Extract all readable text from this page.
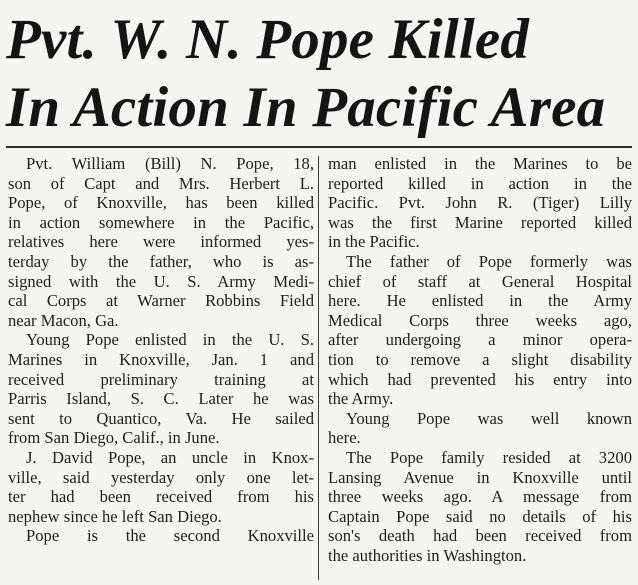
Pvt. W. N. Pope Killed
In Action In Pacific Area
Pvt. William (Bill) N. Pope, 18,
son of Capt and Mrs. Herbert L.
Pope, of Knoxville, has been killed
in action somewhere in the Pacific,
relatives here were informed yes-
terday by the father, who is as-
signed with the U. S. Army Medi-
cal Corps at Warner Robbins Field
near Macon, Ga.
Young Pope enlisted in the U. S.
Marines in Knoxville, Jan. 1 and
received preliminary training at
Parris Island, S. C. Later he was
sent to Quantico, Va. He sailed
from San Diego, Calif., in June.
J. David Pope, an uncle in Knox-
ville, said yesterday only one let-
ter had been received from his
nephew since he left San Diego.
Pope is the second Knoxville
man enlisted in the Marines to be
reported killed in action in the
Pacific. Pvt. John R. (Tiger) Lilly
was the first Marine reported killed
in the Pacific.
The father of Pope formerly was
chief of staff at General Hospital
here. He enlisted in the Army
Medical Corps three weeks ago,
after undergoing a minor opera-
tion to remove a slight disability
which had prevented his entry into
the Army.
Young Pope was well known
here.
The Pope family resided at 3200
Lansing Avenue in Knoxville until
three weeks ago. A message from
Captain Pope said no details of his
son's death had been received from
the authorities in Washington.
